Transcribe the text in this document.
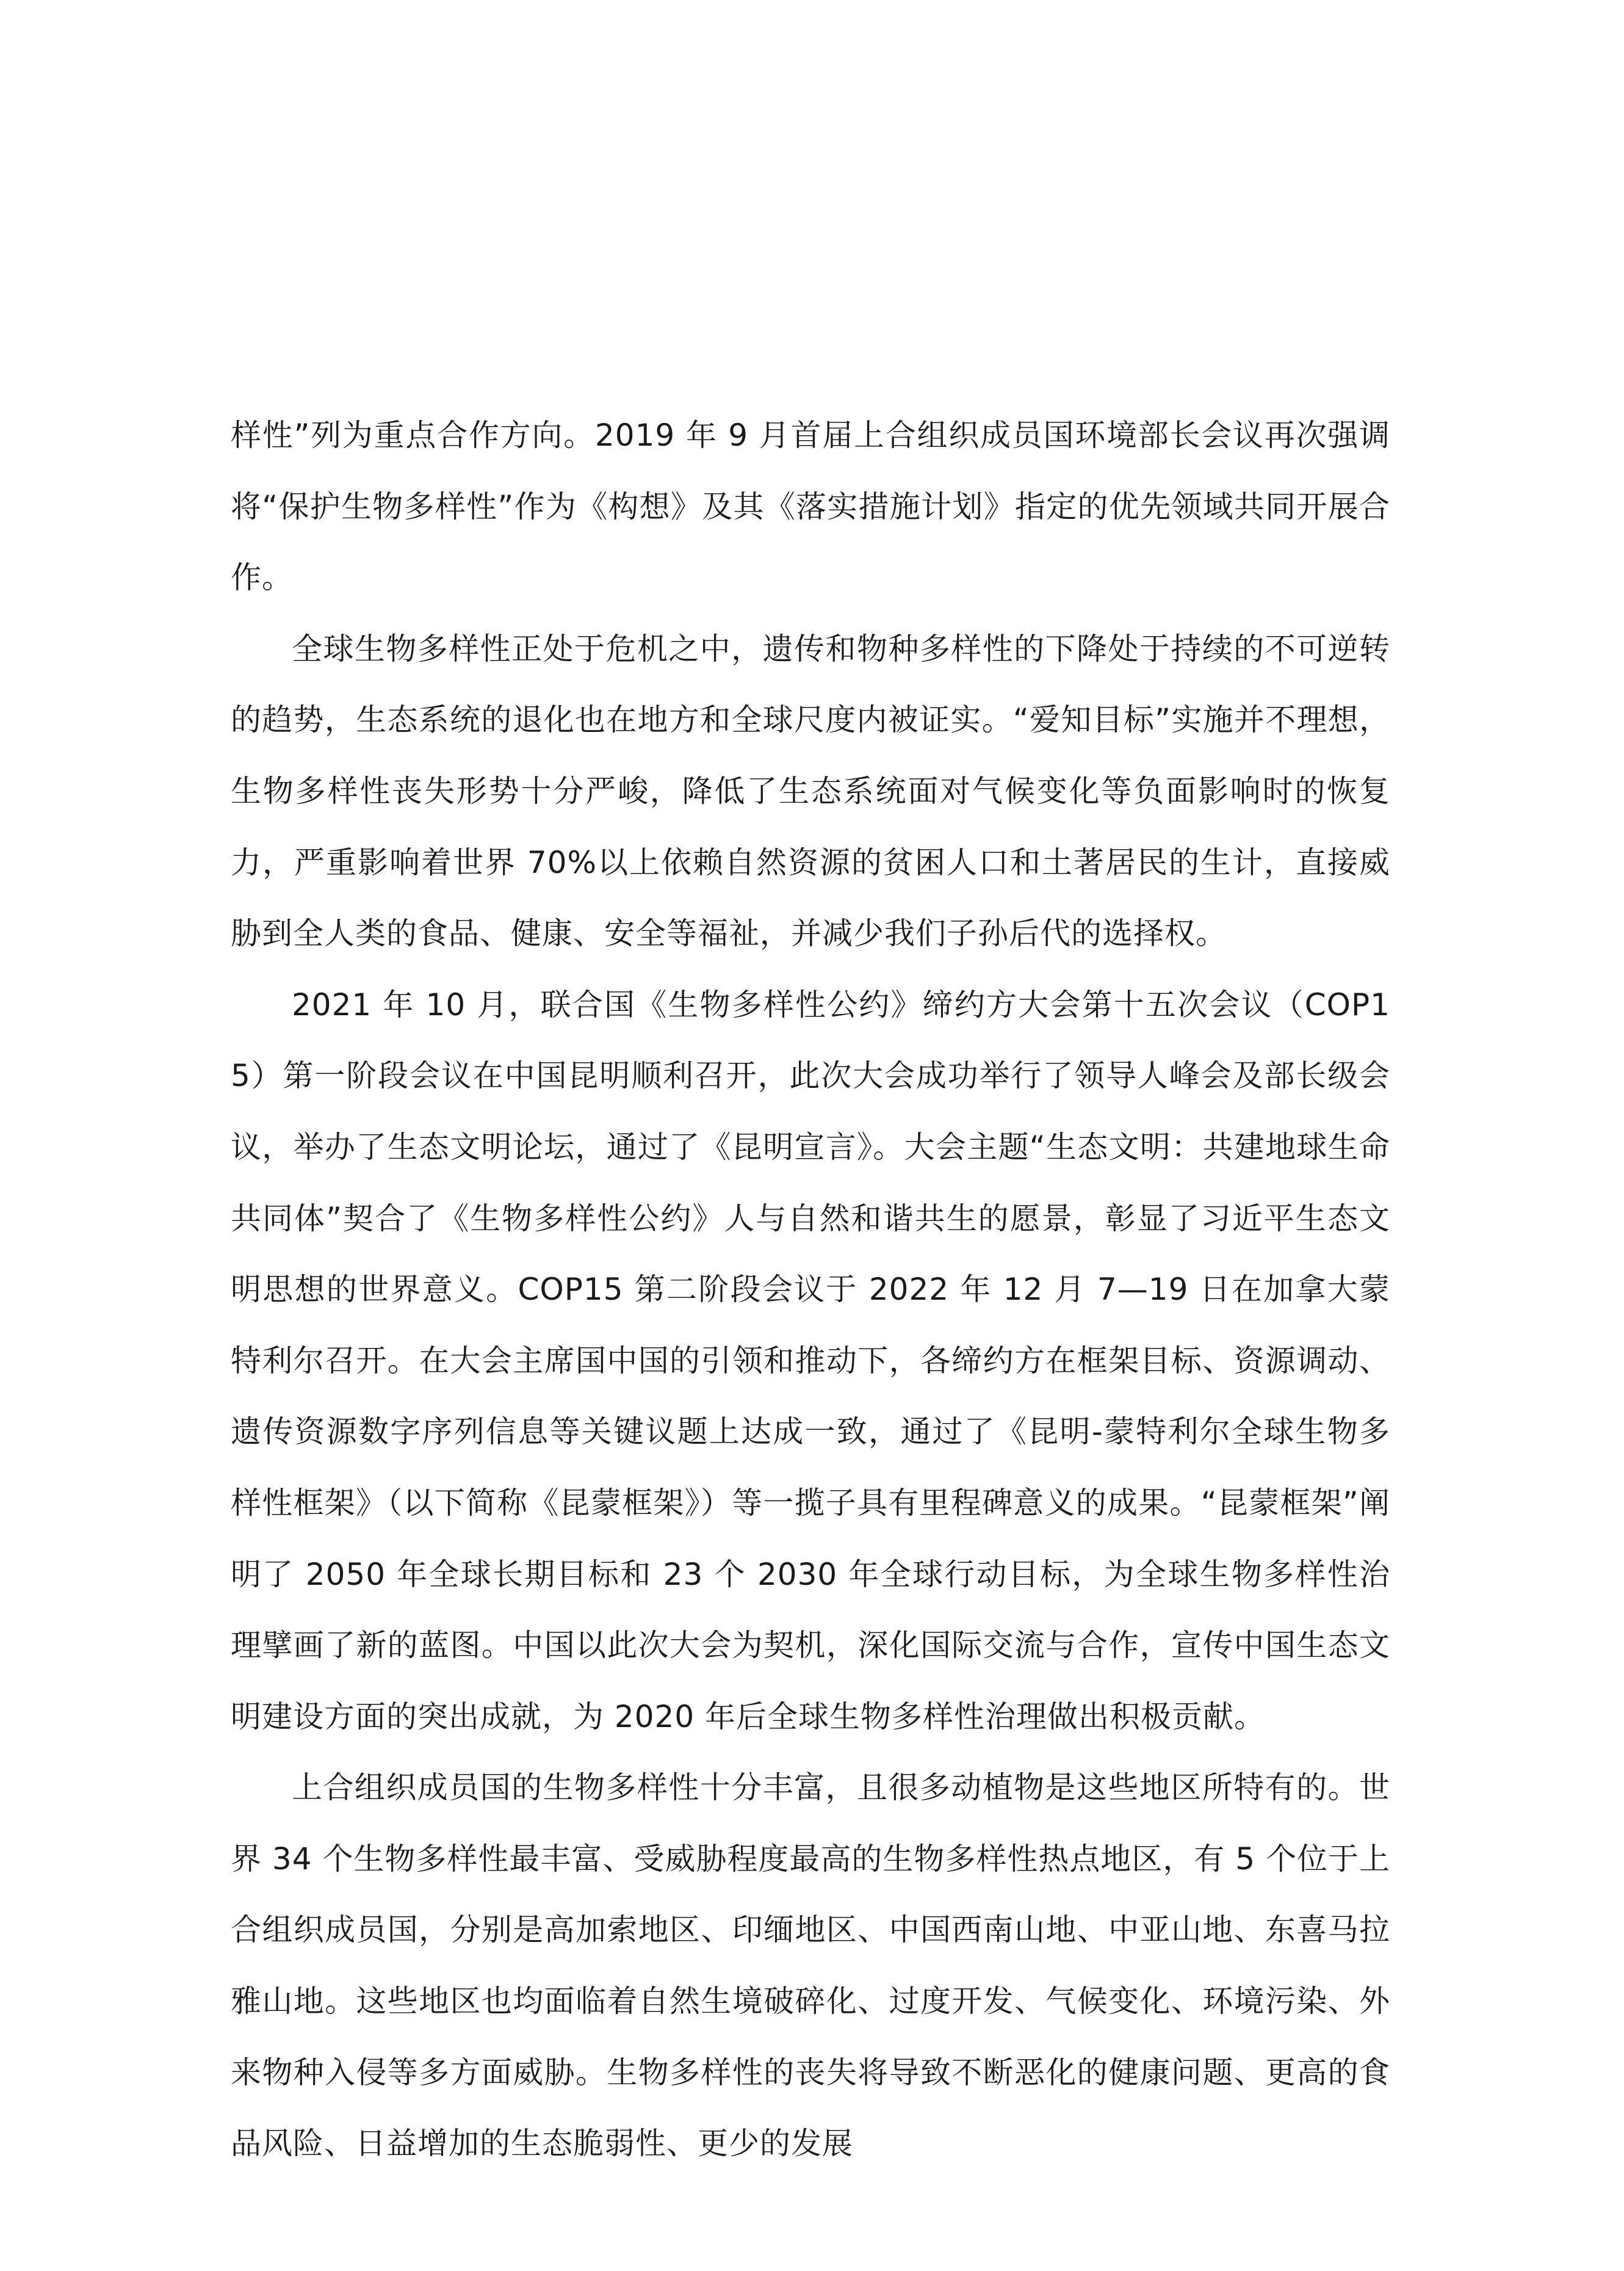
样性”列为重点合作方向。2019 年 9 月首届上合组织成员国环境部长会议再次强调将“保护生物多样性”作为《构想》及其《落实措施计划》指定的优先领域共同开展合作。

全球生物多样性正处于危机之中，遗传和物种多样性的下降处于持续的不可逆转的趋势，生态系统的退化也在地方和全球尺度内被证实。“爱知目标”实施并不理想，生物多样性丧失形势十分严峻，降低了生态系统面对气候变化等负面影响时的恢复力，严重影响着世界 70%以上依赖自然资源的贫困人口和土著居民的生计，直接威胁到全人类的食品、健康、安全等福祉，并减少我们子孙后代的选择权。

2021 年 10 月，联合国《生物多样性公约》缔约方大会第十五次会议（COP15）第一阶段会议在中国昆明顺利召开，此次大会成功举行了领导人峰会及部长级会议，举办了生态文明论坛，通过了《昆明宣言》。大会主题“生态文明：共建地球生命共同体”契合了《生物多样性公约》人与自然和谐共生的愿景，彰显了习近平生态文明思想的世界意义。COP15 第二阶段会议于 2022 年 12 月 7—19 日在加拿大蒙特利尔召开。在大会主席国中国的引领和推动下，各缔约方在框架目标、资源调动、遗传资源数字序列信息等关键议题上达成一致，通过了《昆明-蒙特利尔全球生物多样性框架》（以下简称《昆蒙框架》）等一揽子具有里程碑意义的成果。“昆蒙框架”阐明了 2050 年全球长期目标和 23 个 2030 年全球行动目标，为全球生物多样性治理擘画了新的蓝图。中国以此次大会为契机，深化国际交流与合作，宣传中国生态文明建设方面的突出成就，为 2020 年后全球生物多样性治理做出积极贡献。

上合组织成员国的生物多样性十分丰富，且很多动植物是这些地区所特有的。世界 34 个生物多样性最丰富、受威胁程度最高的生物多样性热点地区，有 5 个位于上合组织成员国，分别是高加索地区、印缅地区、中国西南山地、中亚山地、东喜马拉雅山地。这些地区也均面临着自然生境破碎化、过度开发、气候变化、环境污染、外来物种入侵等多方面威胁。生物多样性的丧失将导致不断恶化的健康问题、更高的食品风险、日益增加的生态脆弱性、更少的发展
